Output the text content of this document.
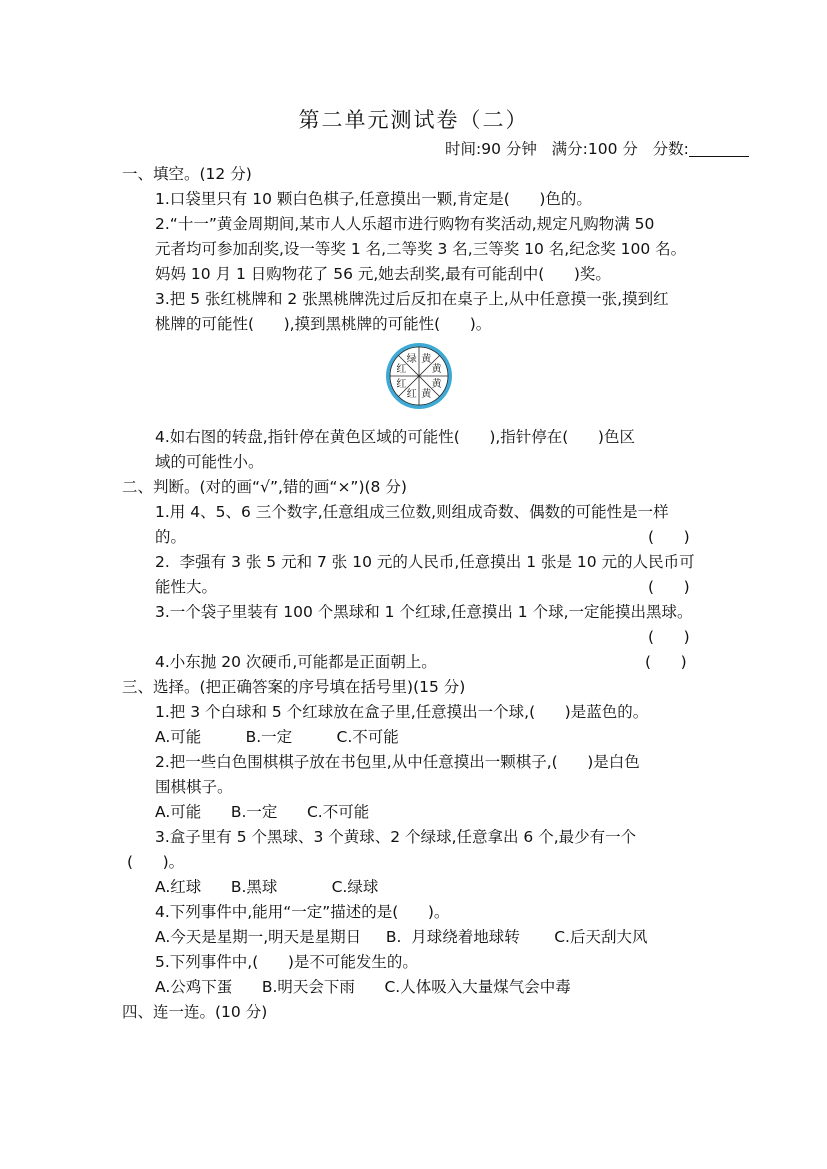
第二单元测试卷（二）
时间:90 分钟   满分:100 分   分数:
一、填空。(12 分)
1.口袋里只有 10 颗白色棋子,任意摸出一颗,肯定是(      )色的。
2.“十一”黄金周期间,某市人人乐超市进行购物有奖活动,规定凡购物满 50
元者均可参加刮奖,设一等奖 1 名,二等奖 3 名,三等奖 10 名,纪念奖 100 名。
妈妈 10 月 1 日购物花了 56 元,她去刮奖,最有可能刮中(      )奖。
3.把 5 张红桃牌和 2 张黑桃牌洗过后反扣在桌子上,从中任意摸一张,摸到红
桃牌的可能性(      ),摸到黑桃牌的可能性(      )。
黄
黄
黄
黄
红
红
红
绿
4.如右图的转盘,指针停在黄色区域的可能性(      ),指针停在(      )色区
域的可能性小。
二、判断。(对的画“√”,错的画“×”)(8 分)
1.用 4、5、6 三个数字,任意组成三位数,则组成奇数、偶数的可能性是一样
的。	(      )
2.  李强有 3 张 5 元和 7 张 10 元的人民币,任意摸出 1 张是 10 元的人民币可
能性大。	(      )
3.一个袋子里装有 100 个黑球和 1 个红球,任意摸出 1 个球,一定能摸出黑球。
(      )
4.小东抛 20 次硬币,可能都是正面朝上。	(      )
三、选择。(把正确答案的序号填在括号里)(15 分)
1.把 3 个白球和 5 个红球放在盒子里,任意摸出一个球,(      )是蓝色的。
A.可能         B.一定         C.不可能
2.把一些白色围棋棋子放在书包里,从中任意摸出一颗棋子,(      )是白色
围棋棋子。
A.可能      B.一定      C.不可能
3.盒子里有 5 个黑球、3 个黄球、2 个绿球,任意拿出 6 个,最少有一个
(      )。
A.红球      B.黑球           C.绿球
4.下列事件中,能用“一定”描述的是(      )。
A.今天是星期一,明天是星期日     B.  月球绕着地球转       C.后天刮大风
5.下列事件中,(      )是不可能发生的。
A.公鸡下蛋      B.明天会下雨      C.人体吸入大量煤气会中毒
四、连一连。(10 分)
